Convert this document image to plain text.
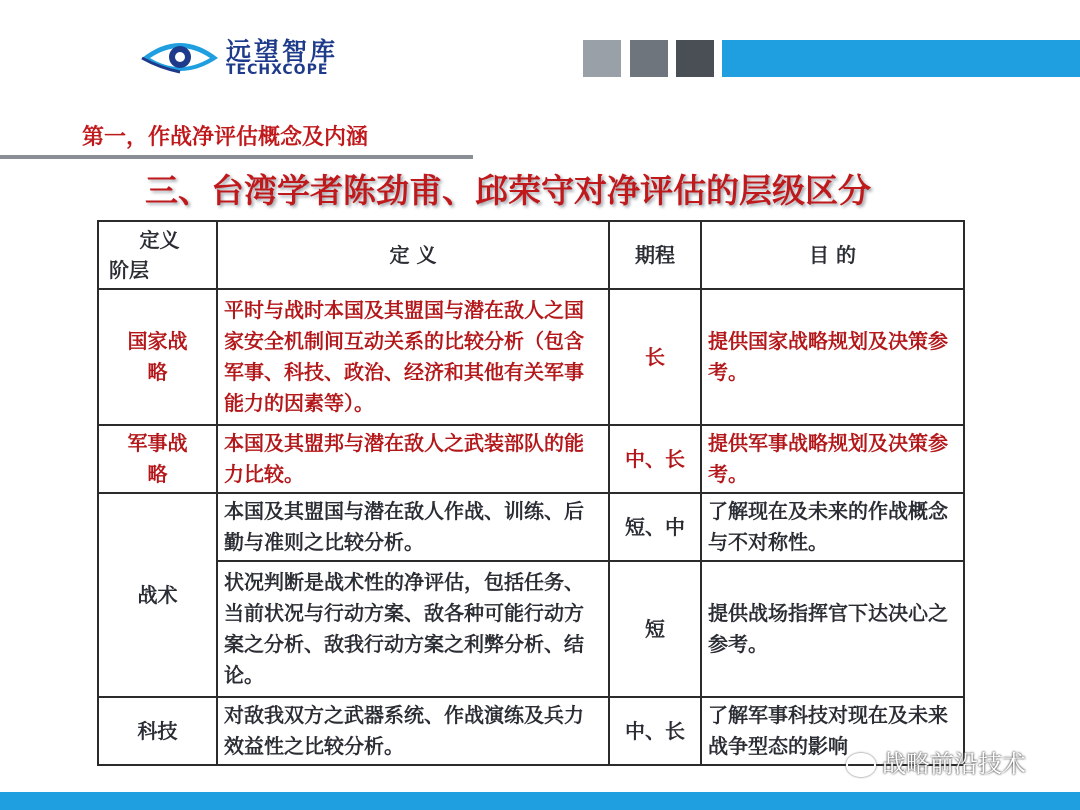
远望智库
TECHXCOPE
第一，作战净评估概念及内涵
三、台湾学者陈劲甫、邱荣守对净评估的层级区分
定义
阶层	定 义	期程	目 的
国家战略	平时与战时本国及其盟国与潜在敌人之国家安全机制间互动关系的比较分析（包含军事、科技、政治、经济和其他有关军事能力的因素等）。	长	提供国家战略规划及决策参考。
军事战略	本国及其盟邦与潜在敌人之武装部队的能力比较。	中、长	提供军事战略规划及决策参考。
战术	本国及其盟国与潜在敌人作战、训练、后勤与准则之比较分析。	短、中	了解现在及未来的作战概念与不对称性。
	状况判断是战术性的净评估，包括任务、当前状况与行动方案、敌各种可能行动方案之分析、敌我行动方案之利弊分析、结论。	短	提供战场指挥官下达决心之参考。
科技	对敌我双方之武器系统、作战演练及兵力效益性之比较分析。	中、长	了解军事科技对现在及未来战争型态的影响
战略前沿技术
